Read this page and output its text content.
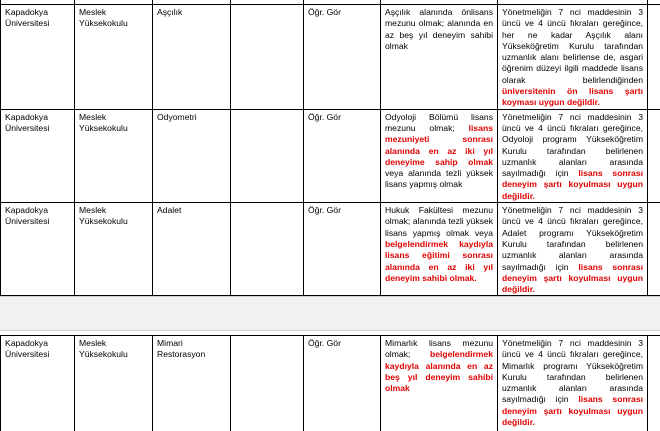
Kapadokya Üniversitesi	Meslek Yüksekokulu	Aşçılık		Öğr. Gör	Aşçılık alanında önlisans mezunu olmak; alanında en az beş yıl deneyim sahibi olmak	Yönetmeliğin 7 nci maddesinin 3 üncü ve 4 üncü fıkraları gereğince, her ne kadar Aşçılık alanı Yükseköğretim Kurulu tarafından uzmanlık alanı belirlense de, asgari öğrenim düzeyi ilgili maddede lisans olarak belirlendiğinden üniversitenin ön lisans şartı koyması uygun değildir.	
Kapadokya Üniversitesi	Meslek Yüksekokulu	Odyometri		Öğr. Gör	Odyoloji Bölümü lisans mezunu olmak; lisans mezuniyeti sonrası alanında en az iki yıl deneyime sahip olmak veya alanında tezli yüksek lisans yapmış olmak	Yönetmeliğin 7 nci maddesinin 3 üncü ve 4 üncü fıkraları gereğince, Odyoloji programı Yükseköğretim Kurulu tarafından belirlenen uzmanlık alanları arasında sayılmadığı için lisans sonrası deneyim şartı koyulması uygun değildir.	
Kapadokya Üniversitesi	Meslek Yüksekokulu	Adalet		Öğr. Gör	Hukuk Fakültesi mezunu olmak; alanında tezli yüksek lisans yapmış olmak veya belgelendirmek kaydıyla lisans eğitimi sonrası alanında en az iki yıl deneyim sahibi olmak.	Yönetmeliğin 7 nci maddesinin 3 üncü ve 4 üncü fıkraları gereğince, Adalet programı Yükseköğretim Kurulu tarafından belirlenen uzmanlık alanları arasında sayılmadığı için lisans sonrası deneyim şartı koyulması uygun değildir.	
Kapadokya Üniversitesi	Meslek Yüksekokulu	Mimari Restorasyon		Öğr. Gör	Mimarlık lisans mezunu olmak; belgelendirmek kaydıyla alanında en az beş yıl deneyim sahibi olmak	Yönetmeliğin 7 nci maddesinin 3 üncü ve 4 üncü fıkraları gereğince, Mimarlık programı Yükseköğretim Kurulu tarafından belirlenen uzmanlık alanları arasında sayılmadığı için lisans sonrası deneyim şartı koyulması uygun değildir.	
